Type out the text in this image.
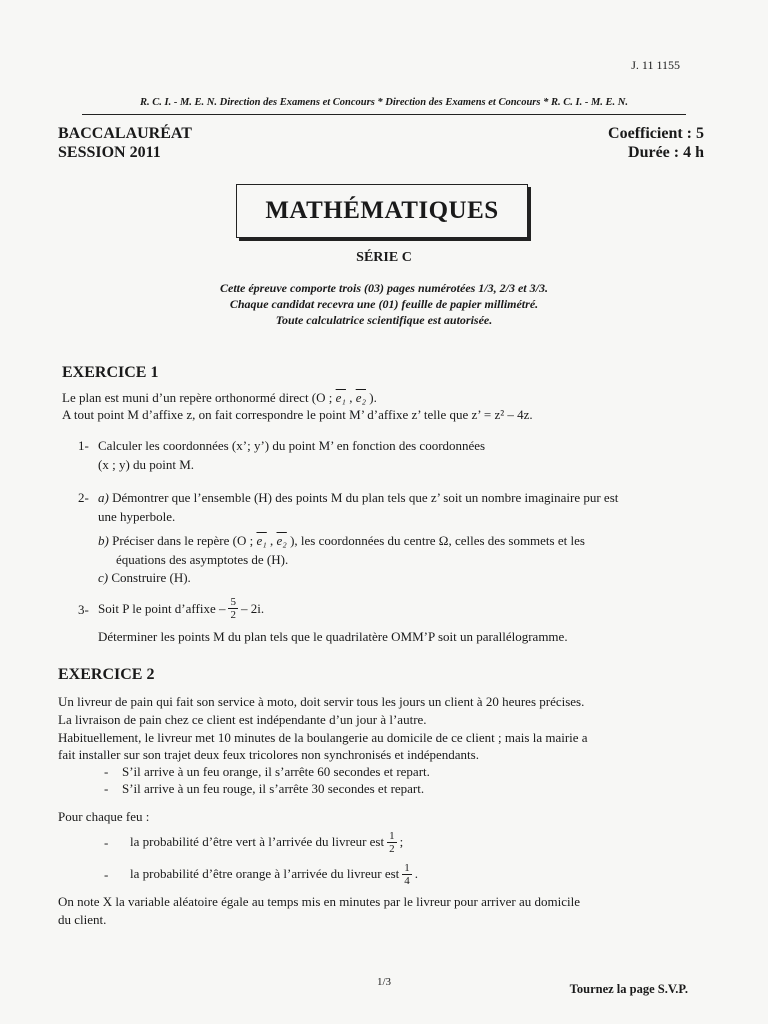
J. 11 1155
R. C. I. - M. E. N. Direction des Examens et Concours * Direction des Examens et Concours * R. C. I. - M. E. N.
BACCALAURÉAT
SESSION 2011
Coefficient : 5
Durée : 4 h
MATHÉMATIQUES
SÉRIE C
Cette épreuve comporte trois (03) pages numérotées 1/3, 2/3 et 3/3.
Chaque candidat recevra une (01) feuille de papier millimétré.
Toute calculatrice scientifique est autorisée.
EXERCICE 1
Le plan est muni d’un repère orthonormé direct (O ; e₁ , e₂ ).
A tout point M d’affixe z, on fait correspondre le point M’ d’affixe z’ telle que z’ = z² – 4z.
1- Calculer les coordonnées (x’; y’) du point M’ en fonction des coordonnées
(x ; y) du point M.
2- a) Démontrer que l’ensemble (H) des points M du plan tels que z’ soit un nombre imaginaire pur est
une hyperbole.
b) Préciser dans le repère (O ; e₁ , e₂ ), les coordonnées du centre Ω, celles des sommets et les
équations des asymptotes de (H).
c) Construire (H).
3- Soit P le point d’affixe – $\frac{5}{2} - 2i$.
Déterminer les points M du plan tels que le quadrilatère OMM’P soit un parallélogramme.
EXERCICE 2
Un livreur de pain qui fait son service à moto, doit servir tous les jours un client à 20 heures précises.
La livraison de pain chez ce client est indépendante d’un jour à l’autre.
Habituellement, le livreur met 10 minutes de la boulangerie au domicile de ce client ; mais la mairie a
fait installer sur son trajet deux feux tricolores non synchronisés et indépendants.
- S’il arrive à un feu orange, il s’arrête 60 secondes et repart.
- S’il arrive à un feu rouge, il s’arrête 30 secondes et repart.
Pour chaque feu :
- la probabilité d’être vert à l’arrivée du livreur est $\frac{1}{2}$ ;
- la probabilité d’être orange à l’arrivée du livreur est $\frac{1}{4}$ .
On note X la variable aléatoire égale au temps mis en minutes par le livreur pour arriver au domicile
du client.
1/3	Tournez la page S.V.P.
